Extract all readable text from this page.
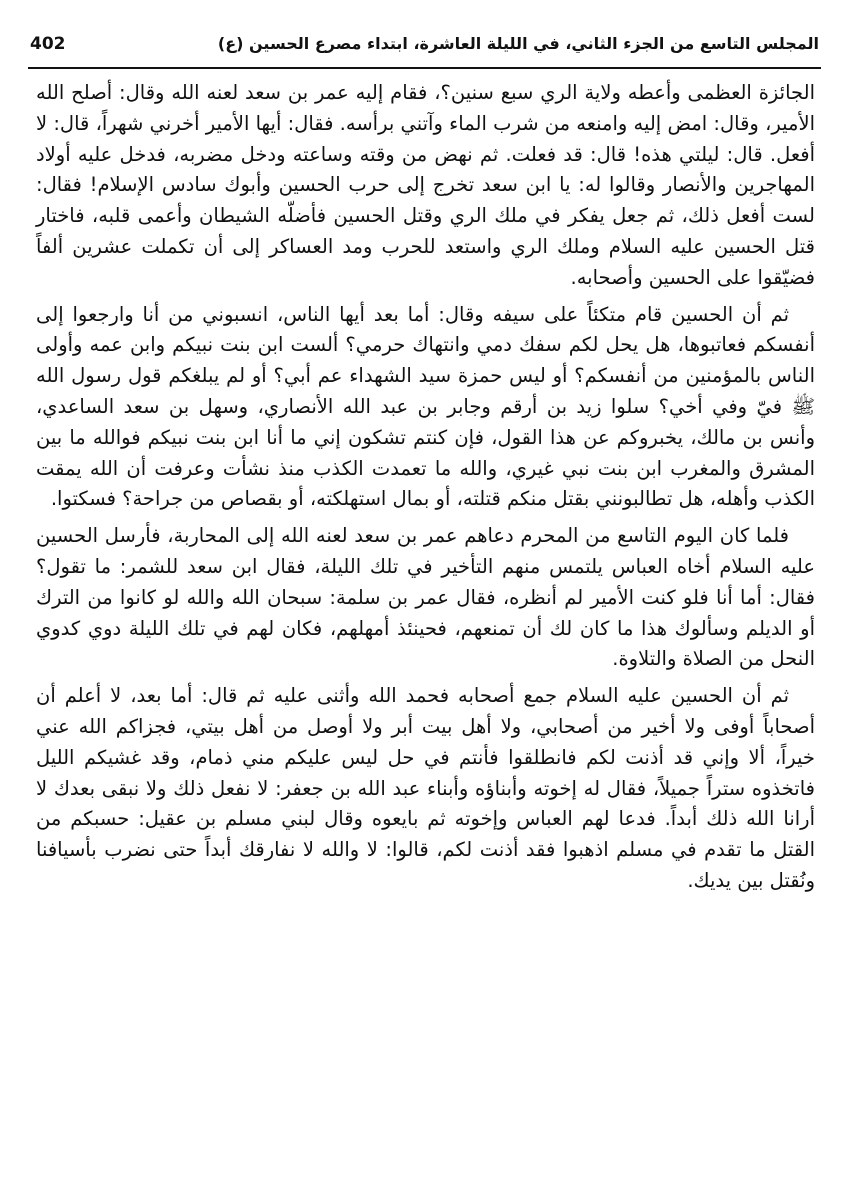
المجلس التاسع من الجزء الثاني، في الليلة العاشرة، ابتداء مصرع الحسين (ع)
402

الجائزة العظمى وأعطه ولاية الري سبع سنين؟، فقام إليه عمر بن سعد لعنه الله وقال: أصلح الله الأمير، وقال: امض إليه وامنعه من شرب الماء وآتني برأسه. فقال: أيها الأمير أخرني شهراً، قال: لا أفعل. قال: ليلتي هذه! قال: قد فعلت. ثم نهض من وقته وساعته ودخل مضربه، فدخل عليه أولاد المهاجرين والأنصار وقالوا له: يا ابن سعد تخرج إلى حرب الحسين وأبوك سادس الإسلام! فقال: لست أفعل ذلك، ثم جعل يفكر في ملك الري وقتل الحسين فأضلّه الشيطان وأعمى قلبه، فاختار قتل الحسين عليه السلام وملك الري واستعد للحرب ومد العساكر إلى أن تكملت عشرين ألفاً فضيّقوا على الحسين وأصحابه.

ثم أن الحسين قام متكئاً على سيفه وقال: أما بعد أيها الناس، انسبوني من أنا وارجعوا إلى أنفسكم فعاتبوها، هل يحل لكم سفك دمي وانتهاك حرمي؟ ألست ابن بنت نبيكم وابن عمه وأولى الناس بالمؤمنين من أنفسكم؟ أو ليس حمزة سيد الشهداء عم أبي؟ أو لم يبلغكم قول رسول الله ﷺ فيّ وفي أخي؟ سلوا زيد بن أرقم وجابر بن عبد الله الأنصاري، وسهل بن سعد الساعدي، وأنس بن مالك، يخبروكم عن هذا القول، فإن كنتم تشكون إني ما أنا ابن بنت نبيكم فوالله ما بين المشرق والمغرب ابن بنت نبي غيري، والله ما تعمدت الكذب منذ نشأت وعرفت أن الله يمقت الكذب وأهله، هل تطالبونني بقتل منكم قتلته، أو بمال استهلكته، أو بقصاص من جراحة؟ فسكتوا.

فلما كان اليوم التاسع من المحرم دعاهم عمر بن سعد لعنه الله إلى المحاربة، فأرسل الحسين عليه السلام أخاه العباس يلتمس منهم التأخير في تلك الليلة، فقال ابن سعد للشمر: ما تقول؟ فقال: أما أنا فلو كنت الأمير لم أنظره، فقال عمر بن سلمة: سبحان الله والله لو كانوا من الترك أو الديلم وسألوك هذا ما كان لك أن تمنعهم، فحينئذ أمهلهم، فكان لهم في تلك الليلة دوي كدوي النحل من الصلاة والتلاوة.

ثم أن الحسين عليه السلام جمع أصحابه فحمد الله وأثنى عليه ثم قال: أما بعد، لا أعلم أن أصحاباً أوفى ولا أخير من أصحابي، ولا أهل بيت أبر ولا أوصل من أهل بيتي، فجزاكم الله عني خيراً، ألا وإني قد أذنت لكم فانطلقوا فأنتم في حل ليس عليكم مني ذمام، وقد غشيكم الليل فاتخذوه ستراً جميلاً، فقال له إخوته وأبناؤه وأبناء عبد الله بن جعفر: لا نفعل ذلك ولا نبقى بعدك لا أرانا الله ذلك أبداً. فدعا لهم العباس وإخوته ثم بايعوه وقال لبني مسلم بن عقيل: حسبكم من القتل ما تقدم في مسلم اذهبوا فقد أذنت لكم، قالوا: لا والله لا نفارقك أبداً حتى نضرب بأسيافنا ونُقتل بين يديك.
